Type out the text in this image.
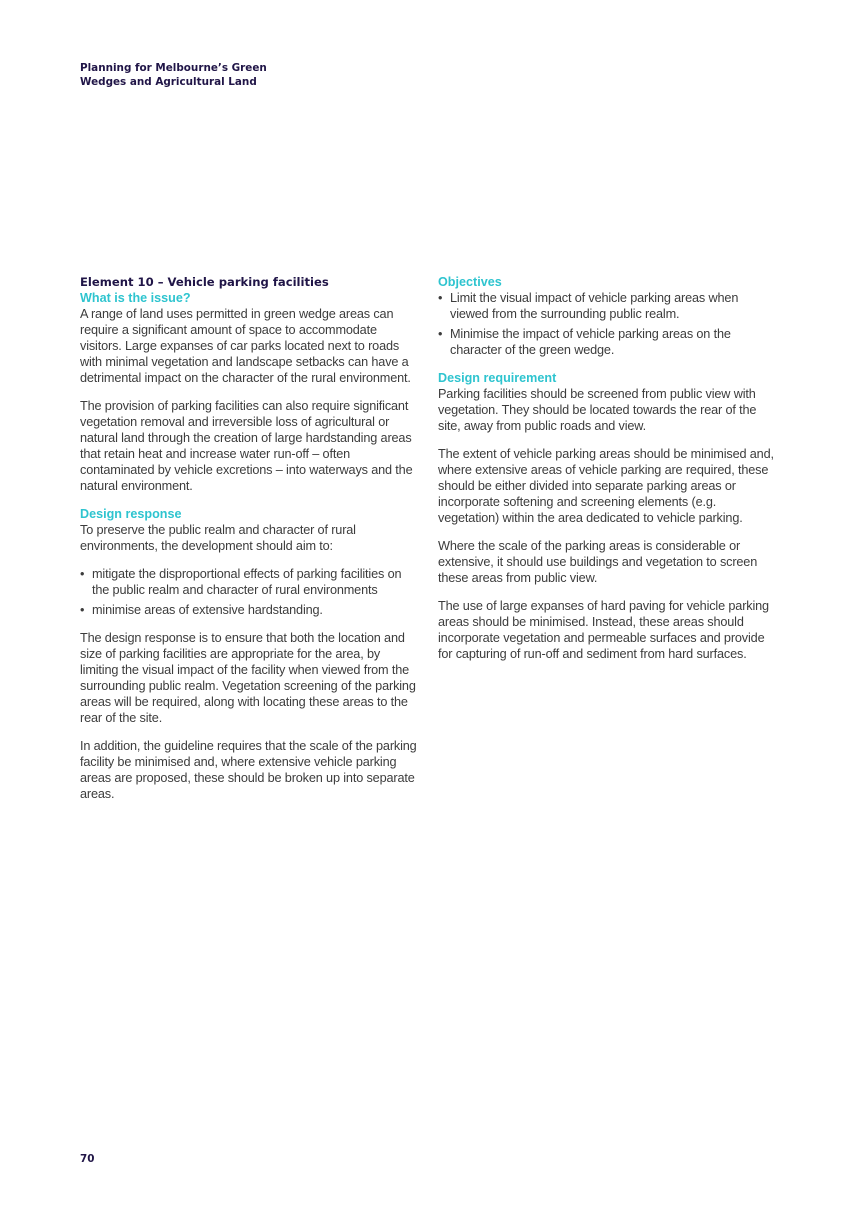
Planning for Melbourne’s Green
Wedges and Agricultural Land
Element 10 – Vehicle parking facilities
What is the issue?

A range of land uses permitted in green wedge areas can require a significant amount of space to accommodate visitors. Large expanses of car parks located next to roads with minimal vegetation and landscape setbacks can have a detrimental impact on the character of the rural environment.

The provision of parking facilities can also require significant vegetation removal and irreversible loss of agricultural or natural land through the creation of large hardstanding areas that retain heat and increase water run-off – often contaminated by vehicle excretions – into waterways and the natural environment.

Design response

To preserve the public realm and character of rural environments, the development should aim to:

• mitigate the disproportional effects of parking facilities on the public realm and character of rural environments
• minimise areas of extensive hardstanding.

The design response is to ensure that both the location and size of parking facilities are appropriate for the area, by limiting the visual impact of the facility when viewed from the surrounding public realm. Vegetation screening of the parking areas will be required, along with locating these areas to the rear of the site.

In addition, the guideline requires that the scale of the parking facility be minimised and, where extensive vehicle parking areas are proposed, these should be broken up into separate areas.

Objectives
• Limit the visual impact of vehicle parking areas when viewed from the surrounding public realm.
• Minimise the impact of vehicle parking areas on the character of the green wedge.
Design requirement

Parking facilities should be screened from public view with vegetation. They should be located towards the rear of the site, away from public roads and view.

The extent of vehicle parking areas should be minimised and, where extensive areas of vehicle parking are required, these should be either divided into separate parking areas or incorporate softening and screening elements (e.g. vegetation) within the area dedicated to vehicle parking.

Where the scale of the parking areas is considerable or extensive, it should use buildings and vegetation to screen these areas from public view.

The use of large expanses of hard paving for vehicle parking areas should be minimised. Instead, these areas should incorporate vegetation and permeable surfaces and provide for capturing of run-off and sediment from hard surfaces.

70
